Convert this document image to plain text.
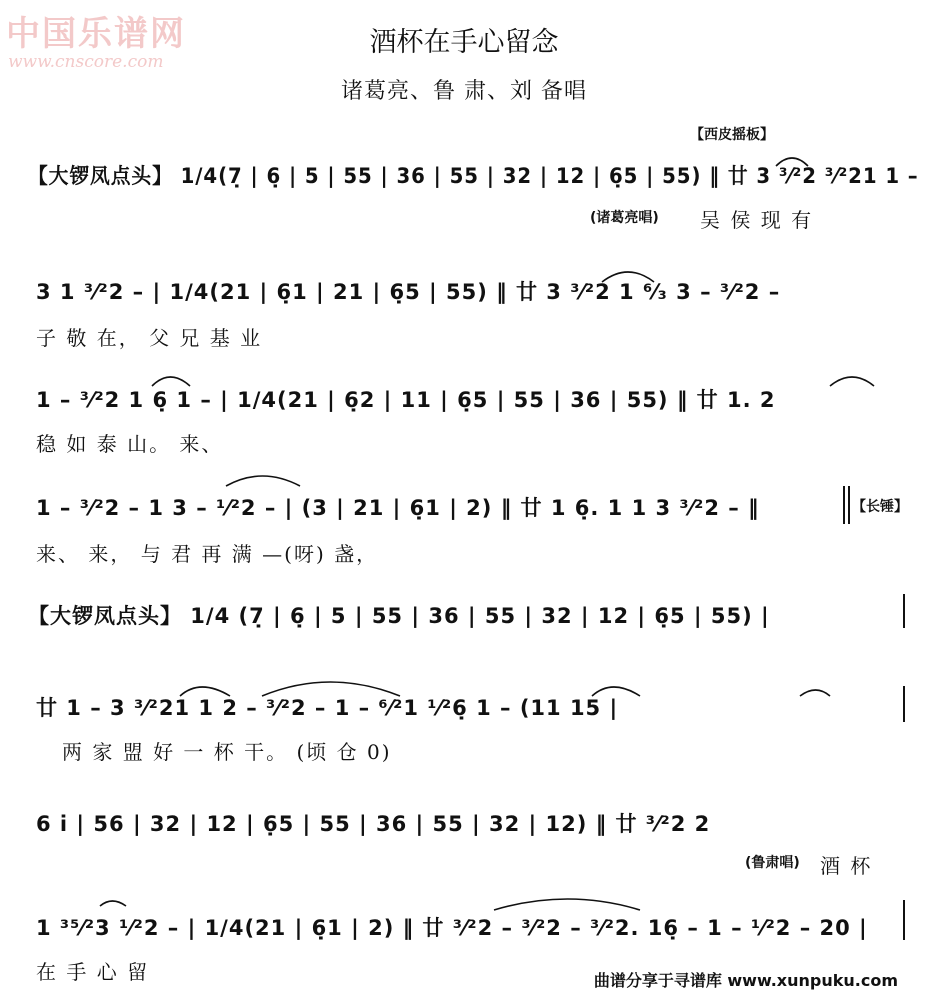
中国乐谱网
www.cnscore.com
酒杯在手心留念
诸葛亮、鲁 肃、刘 备唱
【西皮摇板】
(诸葛亮唱)
(鲁肃唱)
【大锣凤点头】 1/4(7̣ | 6̣ | 5 | 55 | 36 | 55 | 32 | 12 | 6̣5 | 55) ‖ 廿 3 ³⁄²2 ³⁄²21 1 –
吴 侯 现 有
3 1 ³⁄²2 – | 1/4(21 | 6̣1 | 21 | 6̣5 | 55) ‖ 廿 3 ³⁄²2 1 ⁶⁄₃ 3 – ³⁄²2 –
子 敬 在， 父 兄 基 业
1 – ³⁄²2 1 6̣ 1 – | 1/4(21 | 6̣2 | 11 | 6̣5 | 55 | 36 | 55) ‖ 廿 1. 2
稳 如 泰 山。 来、
1 – ³⁄²2 – 1 3 – ¹⁄²2 – | (3 | 21 | 6̣1 | 2) ‖ 廿 1 6̣. 1 1 3 ³⁄²2 – ‖	【长锤】
来、 来， 与 君 再 满 —(呀) 盏，
【大锣凤点头】 1/4 (7̣ | 6̣ | 5 | 55 | 36 | 55 | 32 | 12 | 6̣5 | 55) |
廿 1 – 3 ³⁄²21 1 2 – ³⁄²2 – 1 – ⁶⁄²1 ¹⁄²6̣ 1 – (11 15 |
两 家 盟 好 一 杯 干。 (顷 仓 0)
6 i | 56 | 32 | 12 | 6̣5 | 55 | 36 | 55 | 32 | 12) ‖ 廿 ³⁄²2 2
酒 杯
1 ³⁵⁄²3 ¹⁄²2 – | 1/4(21 | 6̣1 | 2) ‖ 廿 ³⁄²2 – ³⁄²2 – ³⁄²2. 16̣ – 1 – ¹⁄²2 – 20 |
在 手 心 留	曲谱分享于寻谱库 www.xunpuku.com
